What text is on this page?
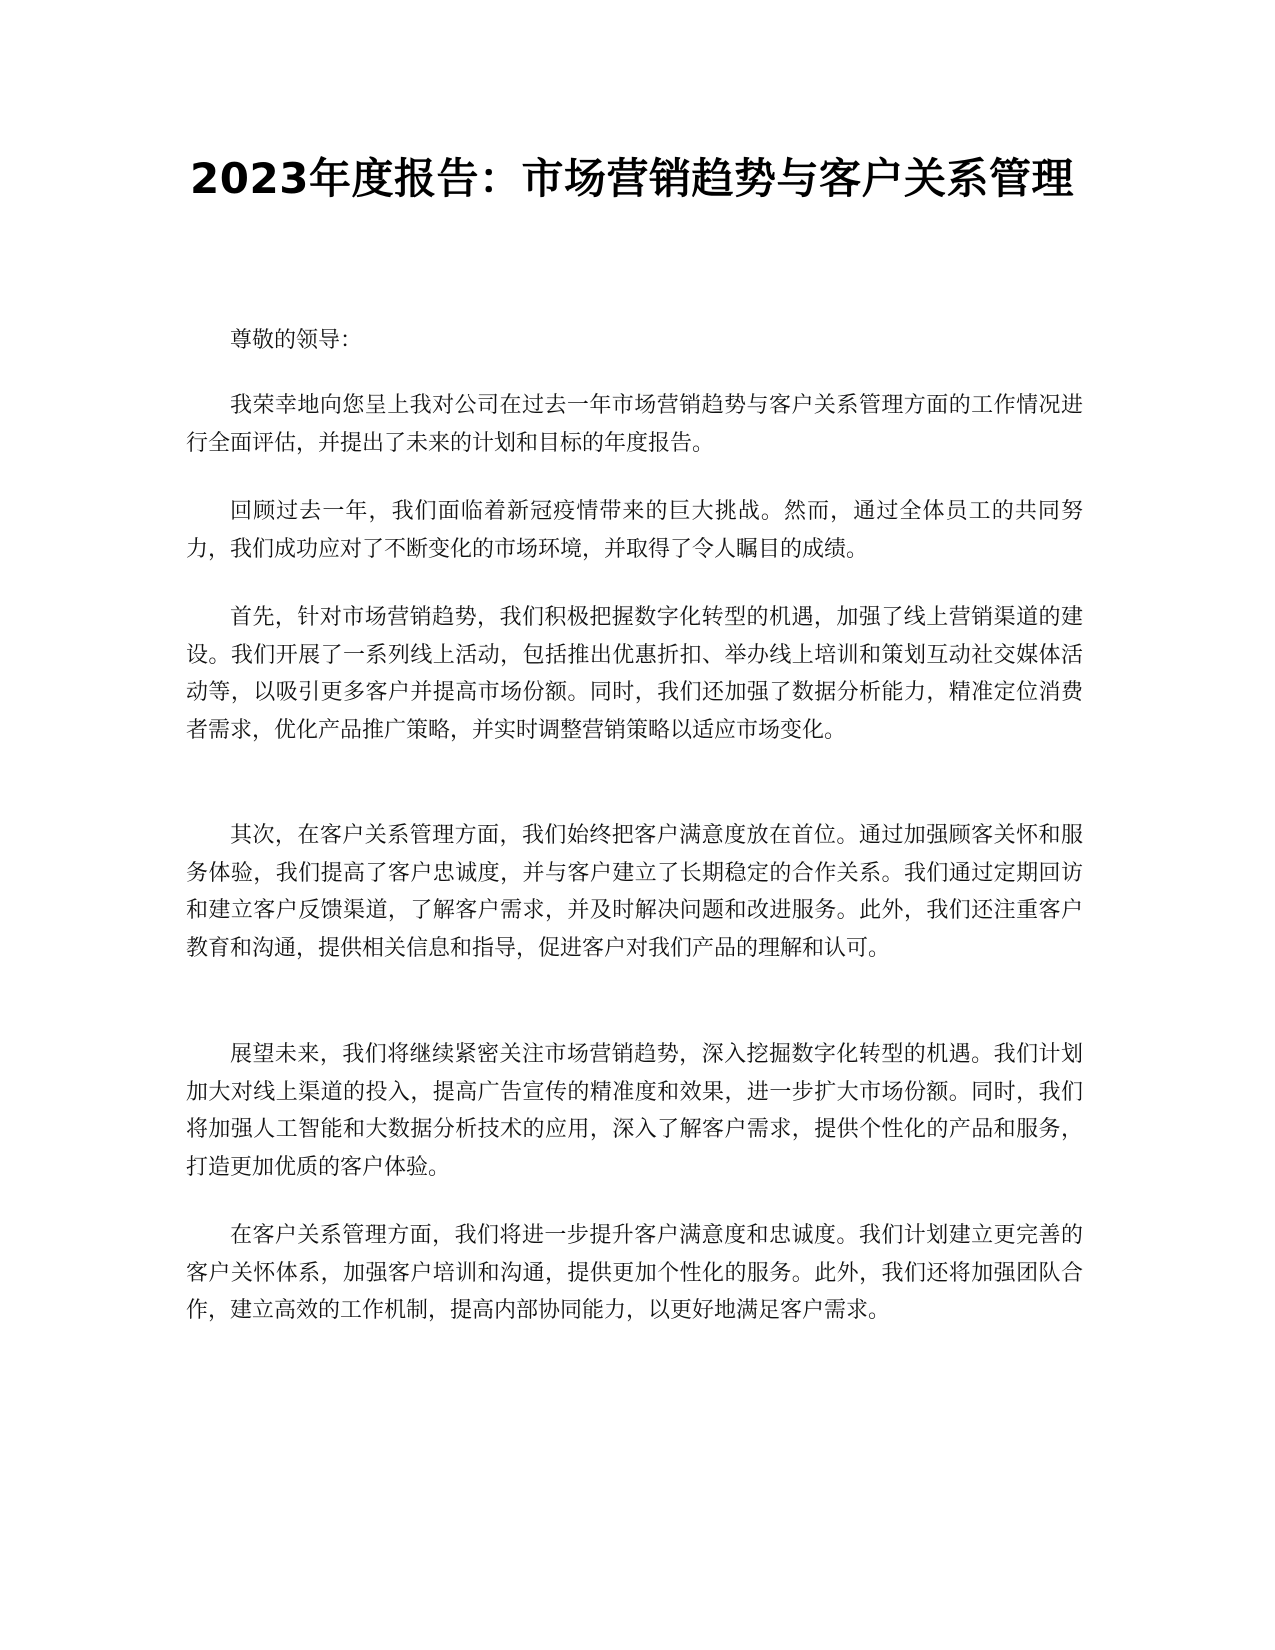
2023年度报告：市场营销趋势与客户关系管理

尊敬的领导：

我荣幸地向您呈上我对公司在过去一年市场营销趋势与客户关系管理方面的工作情况进行全面评估，并提出了未来的计划和目标的年度报告。

回顾过去一年，我们面临着新冠疫情带来的巨大挑战。然而，通过全体员工的共同努力，我们成功应对了不断变化的市场环境，并取得了令人瞩目的成绩。

首先，针对市场营销趋势，我们积极把握数字化转型的机遇，加强了线上营销渠道的建设。我们开展了一系列线上活动，包括推出优惠折扣、举办线上培训和策划互动社交媒体活动等，以吸引更多客户并提高市场份额。同时，我们还加强了数据分析能力，精准定位消费者需求，优化产品推广策略，并实时调整营销策略以适应市场变化。

其次，在客户关系管理方面，我们始终把客户满意度放在首位。通过加强顾客关怀和服务体验，我们提高了客户忠诚度，并与客户建立了长期稳定的合作关系。我们通过定期回访和建立客户反馈渠道，了解客户需求，并及时解决问题和改进服务。此外，我们还注重客户教育和沟通，提供相关信息和指导，促进客户对我们产品的理解和认可。

展望未来，我们将继续紧密关注市场营销趋势，深入挖掘数字化转型的机遇。我们计划加大对线上渠道的投入，提高广告宣传的精准度和效果，进一步扩大市场份额。同时，我们将加强人工智能和大数据分析技术的应用，深入了解客户需求，提供个性化的产品和服务，打造更加优质的客户体验。

在客户关系管理方面，我们将进一步提升客户满意度和忠诚度。我们计划建立更完善的客户关怀体系，加强客户培训和沟通，提供更加个性化的服务。此外，我们还将加强团队合作，建立高效的工作机制，提高内部协同能力，以更好地满足客户需求。
